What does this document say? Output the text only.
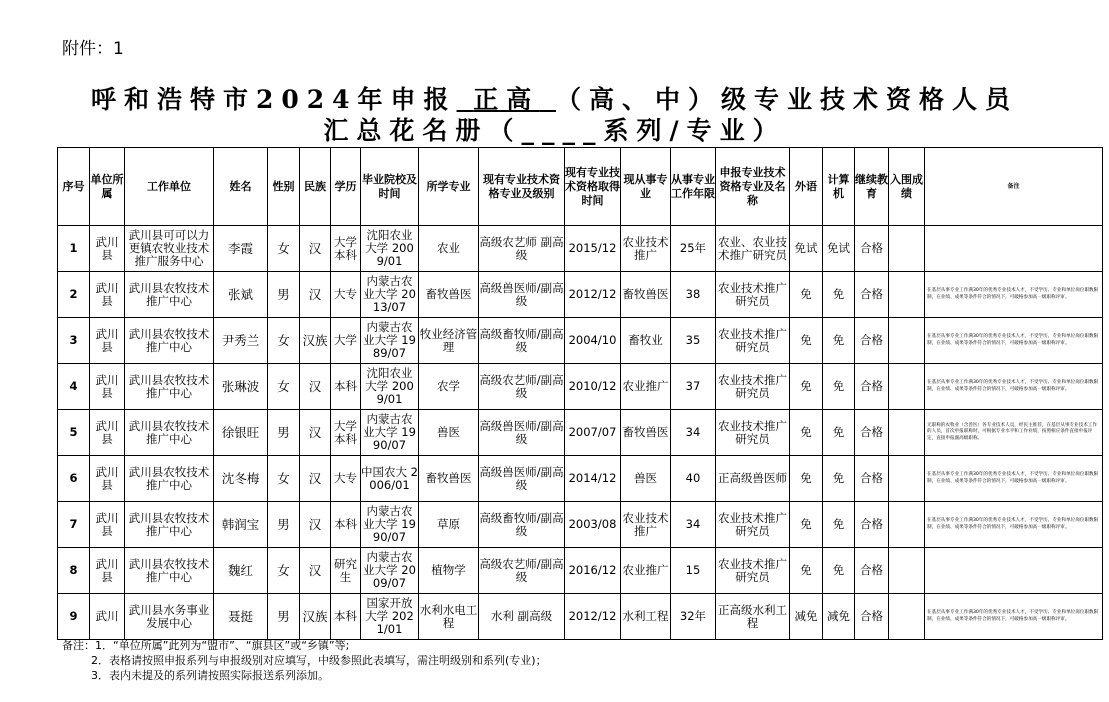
附件：1
呼和浩特市2024年申报 正高 （高、中）级专业技术资格人员
汇总花名册（____系列/专业）
序号	单位所属	工作单位	姓名	性别	民族	学历	毕业院校及时间	所学专业	现有专业技术资格专业及级别	现有专业技术资格取得时间	现从事专业	从事专业工作年限	申报专业技术资格专业及名称	外语	计算机	继续教育	入围成绩	备注
1	武川县	武川县可可以力更镇农牧业技术推广服务中心	李霞	女	汉	大学本科	沈阳农业大学 2009/01	农业	高级农艺师 副高级	2015/12	农业技术推广	25年	农业、农业技术推广研究员	免试	免试	合格		
2	武川县	武川县农牧技术推广中心	张斌	男	汉	大专	内蒙古农业大学 2013/07	畜牧兽医	高级兽医师/副高级	2012/12	畜牧兽医	38	农业技术推广研究员	免	免	合格		在基层从事专业工作满30年的优秀专业技术人才，不受学历、专业和单位岗位职数限制，在业绩、成果等条件符合的情况下，可破格参加高一级职称评审。
3	武川县	武川县农牧技术推广中心	尹秀兰	女	汉族	大学	内蒙古农业大学 1989/07	牧业经济管理	高级畜牧师/副高级	2004/10	畜牧业	35	农业技术推广研究员	免	免	合格		在基层从事专业工作满30年的优秀专业技术人才，不受学历、专业和单位岗位职数限制，在业绩、成果等条件符合的情况下，可破格参加高一级职称评审。
4	武川县	武川县农牧技术推广中心	张琳波	女	汉	本科	沈阳农业大学 2009/01	农学	高级农艺师/副高级	2010/12	农业推广	37	农业技术推广研究员	免	免	合格		在基层从事专业工作满30年的优秀专业技术人才，不受学历、专业和单位岗位职数限制，在业绩、成果等条件符合的情况下，可破格参加高一级职称评审。
5	武川县	武川县农牧技术推广中心	徐银旺	男	汉	大学本科	内蒙古农业大学 1990/07	兽医	高级兽医师/副高级	2007/07	畜牧兽医	34	农业技术推广研究员	免	免	合格		无职称的农牧业（含兽医）各专业技术人员，经民主推荐，在基层从事专业技术工作的人员，首次申报职称时，可根据专业水平和工作业绩，按照相应条件直接申报评定，直接申报副高级职称。
6	武川县	武川县农牧技术推广中心	沈冬梅	女	汉	大专	中国农大 2006/01	畜牧兽医	高级兽医师/副高级	2014/12	兽医	40	正高级兽医师	免	免	合格		在基层从事专业工作满30年的优秀专业技术人才，不受学历、专业和单位岗位职数限制，在业绩、成果等条件符合的情况下，可破格参加高一级职称评审。
7	武川县	武川县农牧技术推广中心	韩润宝	男	汉	本科	内蒙古农业大学 1990/07	草原	高级畜牧师/副高级	2003/08	农业技术推广	34	农业技术推广研究员	免	免	合格		在基层从事专业工作满30年的优秀专业技术人才，不受学历、专业和单位岗位职数限制，在业绩、成果等条件符合的情况下，可破格参加高一级职称评审。
8	武川县	武川县农牧技术推广中心	魏红	女	汉	研究生	内蒙古农业大学 2009/07	植物学	高级农艺师/副高级	2016/12	农业推广	15	农业技术推广研究员	免	免	合格		
9	武川	武川县水务事业发展中心	聂挺	男	汉族	本科	国家开放大学 2021/01	水利水电工程	水利 副高级	2012/12	水利工程	32年	正高级水利工程	减免	减免	合格		在基层从事专业工作满30年的优秀专业技术人才，不受学历、专业和单位岗位职数限制，在业绩、成果等条件符合的情况下，可破格参加高一级职称评审。
备注：1．“单位所属”此列为“盟市”、“旗县区”或“乡镇”等;
2．表格请按照申报系列与申报级别对应填写，中级参照此表填写，需注明级别和系列(专业)；
3．表内未提及的系列请按照实际报送系列添加。
